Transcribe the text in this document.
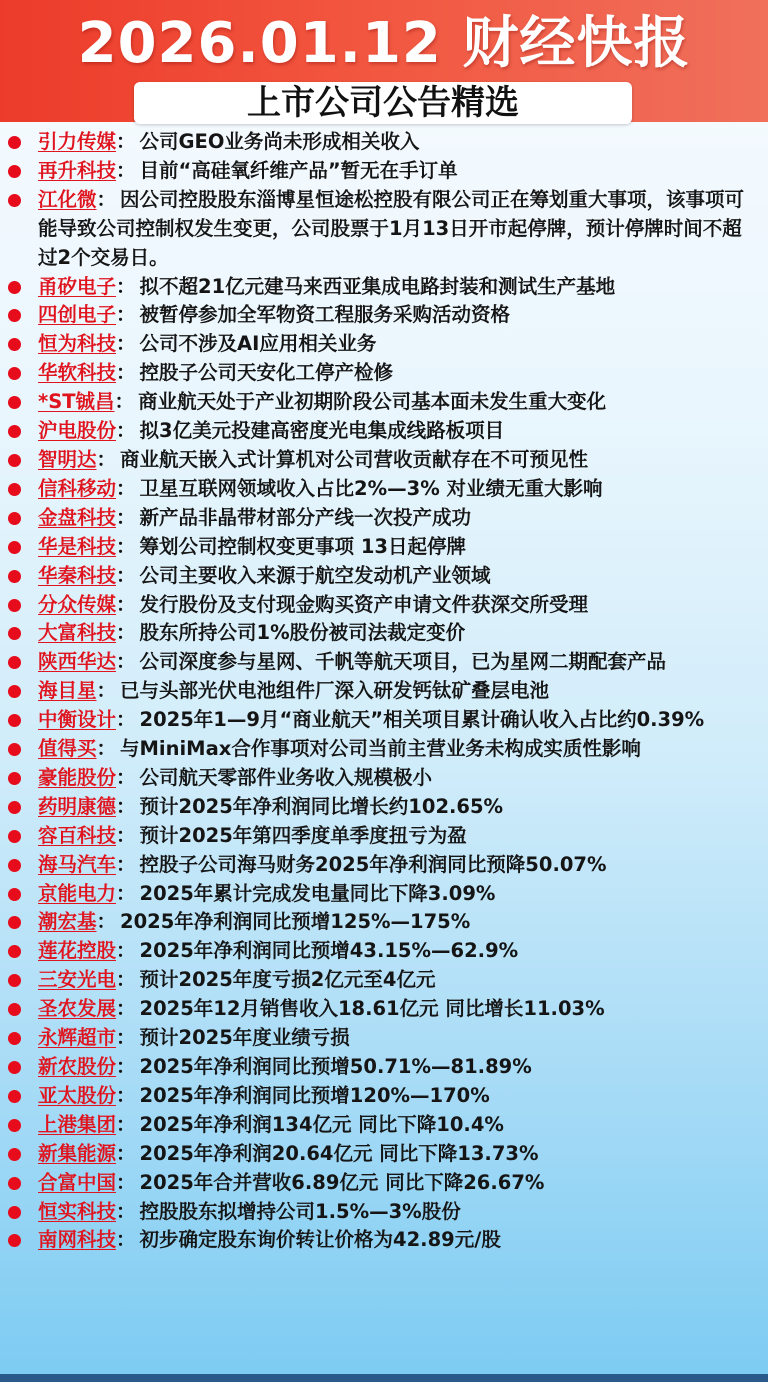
2026.01.12 财经快报
上市公司公告精选
引力传媒： 公司GEO业务尚未形成相关收入
再升科技： 目前“高硅氧纤维产品”暂无在手订单
江化微： 因公司控股股东淄博星恒途松控股有限公司正在筹划重大事项，该事项可能导致公司控制权发生变更，公司股票于1月13日开市起停牌，预计停牌时间不超过2个交易日。
甬矽电子： 拟不超21亿元建马来西亚集成电路封装和测试生产基地
四创电子： 被暂停参加全军物资工程服务采购活动资格
恒为科技： 公司不涉及AI应用相关业务
华软科技： 控股子公司天安化工停产检修
*ST铖昌： 商业航天处于产业初期阶段公司基本面未发生重大变化
沪电股份： 拟3亿美元投建高密度光电集成线路板项目
智明达： 商业航天嵌入式计算机对公司营收贡献存在不可预见性
信科移动： 卫星互联网领域收入占比2%—3% 对业绩无重大影响
金盘科技： 新产品非晶带材部分产线一次投产成功
华是科技： 筹划公司控制权变更事项 13日起停牌
华秦科技： 公司主要收入来源于航空发动机产业领域
分众传媒： 发行股份及支付现金购买资产申请文件获深交所受理
大富科技： 股东所持公司1%股份被司法裁定变价
陕西华达： 公司深度参与星网、千帆等航天项目，已为星网二期配套产品
海目星： 已与头部光伏电池组件厂深入研发钙钛矿叠层电池
中衡设计： 2025年1—9月“商业航天”相关项目累计确认收入占比约0.39%
值得买： 与MiniMax合作事项对公司当前主营业务未构成实质性影响
豪能股份： 公司航天零部件业务收入规模极小
药明康德： 预计2025年净利润同比增长约102.65%
容百科技： 预计2025年第四季度单季度扭亏为盈
海马汽车： 控股子公司海马财务2025年净利润同比预降50.07%
京能电力： 2025年累计完成发电量同比下降3.09%
潮宏基： 2025年净利润同比预增125%—175%
莲花控股： 2025年净利润同比预增43.15%—62.9%
三安光电： 预计2025年度亏损2亿元至4亿元
圣农发展： 2025年12月销售收入18.61亿元 同比增长11.03%
永辉超市： 预计2025年度业绩亏损
新农股份： 2025年净利润同比预增50.71%—81.89%
亚太股份： 2025年净利润同比预增120%—170%
上港集团： 2025年净利润134亿元 同比下降10.4%
新集能源： 2025年净利润20.64亿元 同比下降13.73%
合富中国： 2025年合并营收6.89亿元 同比下降26.67%
恒实科技： 控股股东拟增持公司1.5%—3%股份
南网科技： 初步确定股东询价转让价格为42.89元/股
